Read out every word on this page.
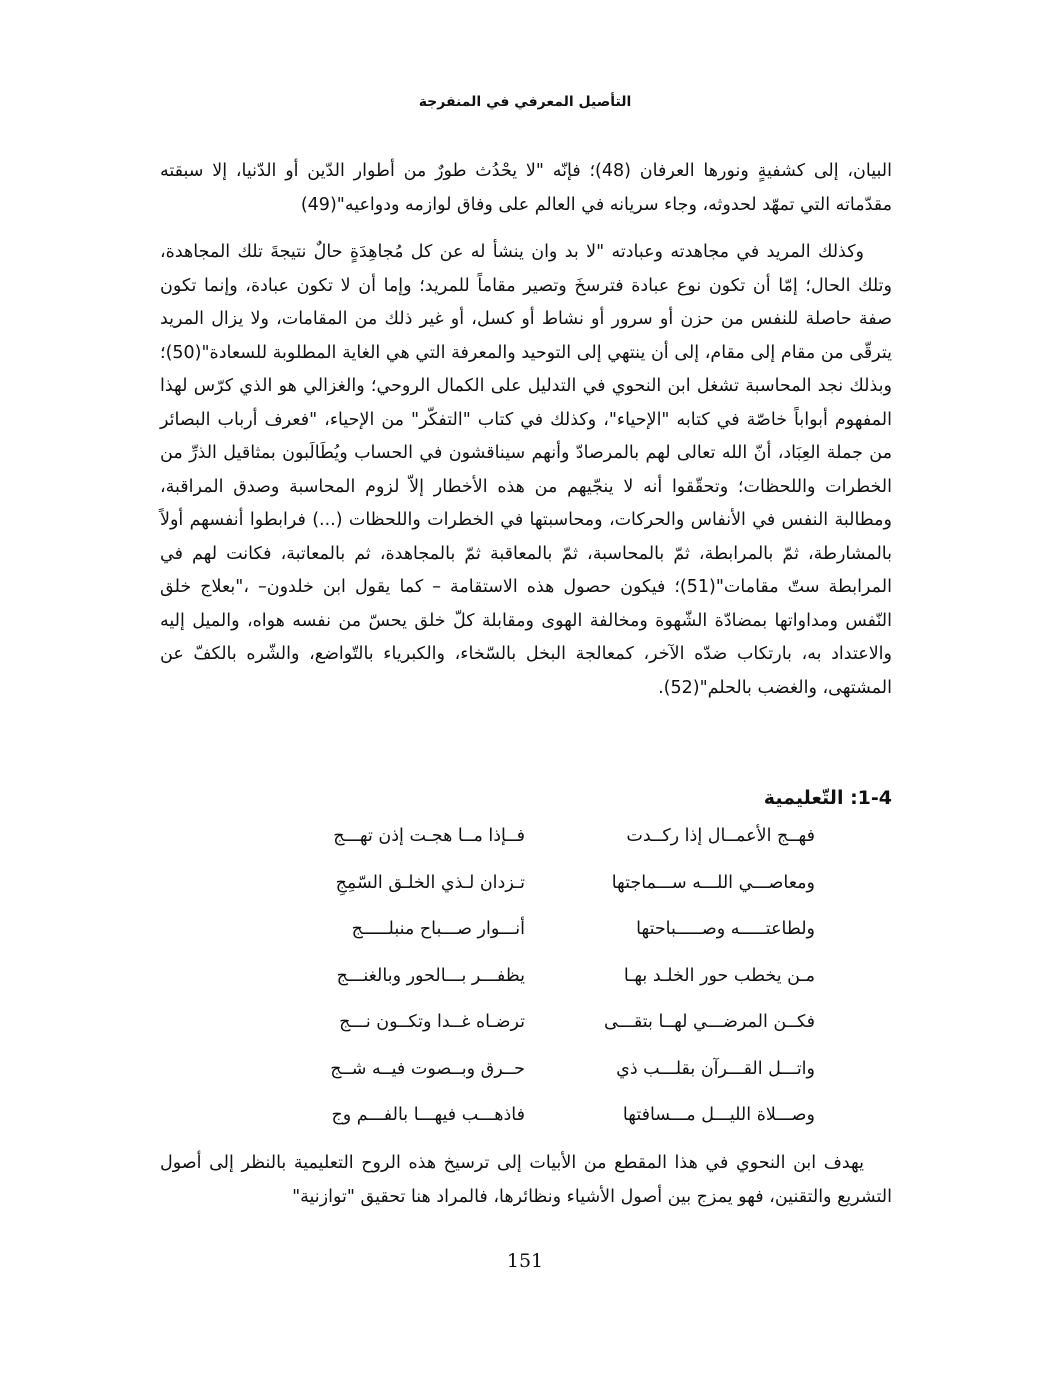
التأصيل المعرفي في المنفرجة

البيان، إلى كشفيةٍ ونورها العرفان (48)؛ فإنّه "لا يحْدُث طورٌ من أطوار الدّين أو الدّنيا، إلا سبقته مقدّماته التي تمهّد لحدوثه، وجاء سريانه في العالم على وفاق لوازمه ودواعيه"(49)

وكذلك المريد في مجاهدته وعبادته "لا بد وان ينشأ له عن كل مُجاهِدَةٍ حالٌ نتيجةَ تلك المجاهدة، وتلك الحال؛ إمّا أن تكون نوع عبادة فترسخَ وتصير مقاماً للمريد؛ وإما أن لا تكون عبادة، وإنما تكون صفة حاصلة للنفس من حزن أو سرور أو نشاط أو كسل، أو غير ذلك من المقامات، ولا يزال المريد يترقّى من مقام إلى مقام، إلى أن ينتهي إلى التوحيد والمعرفة التي هي الغاية المطلوبة للسعادة"(50)؛ وبذلك نجد المحاسبة تشغل ابن النحوي في التدليل على الكمال الروحي؛ والغزالي هو الذي كرّس لهذا المفهوم أبواباً خاصّة في كتابه "الإحياء"، وكذلك في كتاب "التفكّر" من الإحياء، "فعرف أرباب البصائر من جملة العِبَاد، أنّ الله تعالى لهم بالمرصادّ وأنهم سيناقشون في الحساب ويُطَالَبون بمثاقيل الذرِّ من الخطرات واللحظات؛ وتحقّقوا أنه لا ينجّيهم من هذه الأخطار إلاّ لزوم المحاسبة وصدق المراقبة، ومطالبة النفس في الأنفاس والحركات، ومحاسبتها في الخطرات واللحظات (...) فرابطوا أنفسهم أولاً بالمشارطة، ثمّ بالمرابطة، ثمّ بالمحاسبة، ثمّ بالمعاقبة ثمّ بالمجاهدة، ثم بالمعاتبة، فكانت لهم في المرابطة ستّ مقامات"(51)؛ فيكون حصول هذه الاستقامة – كما يقول ابن خلدون– ،"بعلاج خلق النّفس ومداواتها بمضادّة الشّهوة ومخالفة الهوى ومقابلة كلّ خلق يحسّ من نفسه هواه، والميل إليه والاعتداد به، بارتكاب ضدّه الآخر، كمعالجة البخل بالسّخاء، والكبرياء بالتّواضع، والشّره بالكفّ عن المشتهى، والغضب بالحلم"(52).

1-4: التّعليمية
فهــج الأعمــال إذا ركــدت
فــإذا مــا هجـت إذن تهـــج
ومعاصـــي اللـــه ســـماجتها
تـزدان لـذي الخلـق السّمِجِ
ولطاعتـــــه وصـــــباحتها
أنـــوار صـــباح منبلـــــج
مـن يخطب حور الخلـد بهـا
يظفـــر بـــالحور وبالغنـــج
فكــن المرضـــي لهــا بتقـــى
ترضـاه غــدا وتكــون نـــج
واتـــل القـــرآن بقلـــب ذي
حــرق وبــصوت فيــه شــج
وصـــلاة الليـــل مـــسافتها
فاذهـــب فيهـــا بالفـــم وج

يهدف ابن النحوي في هذا المقطع من الأبيات إلى ترسيخ هذه الروح التعليمية بالنظر إلى أصول التشريع والتقنين، فهو يمزج بين أصول الأشياء ونظائرها، فالمراد هنا تحقيق "توازنية"

151
